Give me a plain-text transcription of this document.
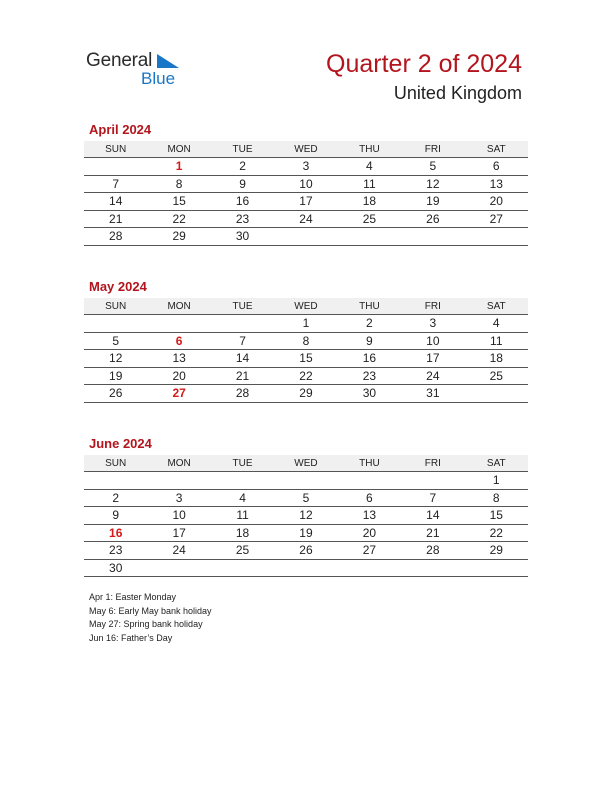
General
Blue
Quarter 2 of 2024
United Kingdom
April 2024
SUN	MON	TUE	WED	THU	FRI	SAT
	1	2	3	4	5	6
7	8	9	10	11	12	13
14	15	16	17	18	19	20
21	22	23	24	25	26	27
28	29	30				
May 2024
SUN	MON	TUE	WED	THU	FRI	SAT
			1	2	3	4
5	6	7	8	9	10	11
12	13	14	15	16	17	18
19	20	21	22	23	24	25
26	27	28	29	30	31	
June 2024
SUN	MON	TUE	WED	THU	FRI	SAT
						1
2	3	4	5	6	7	8
9	10	11	12	13	14	15
16	17	18	19	20	21	22
23	24	25	26	27	28	29
30						
Apr 1: Easter Monday
May 6: Early May bank holiday
May 27: Spring bank holiday
Jun 16: Father’s Day
